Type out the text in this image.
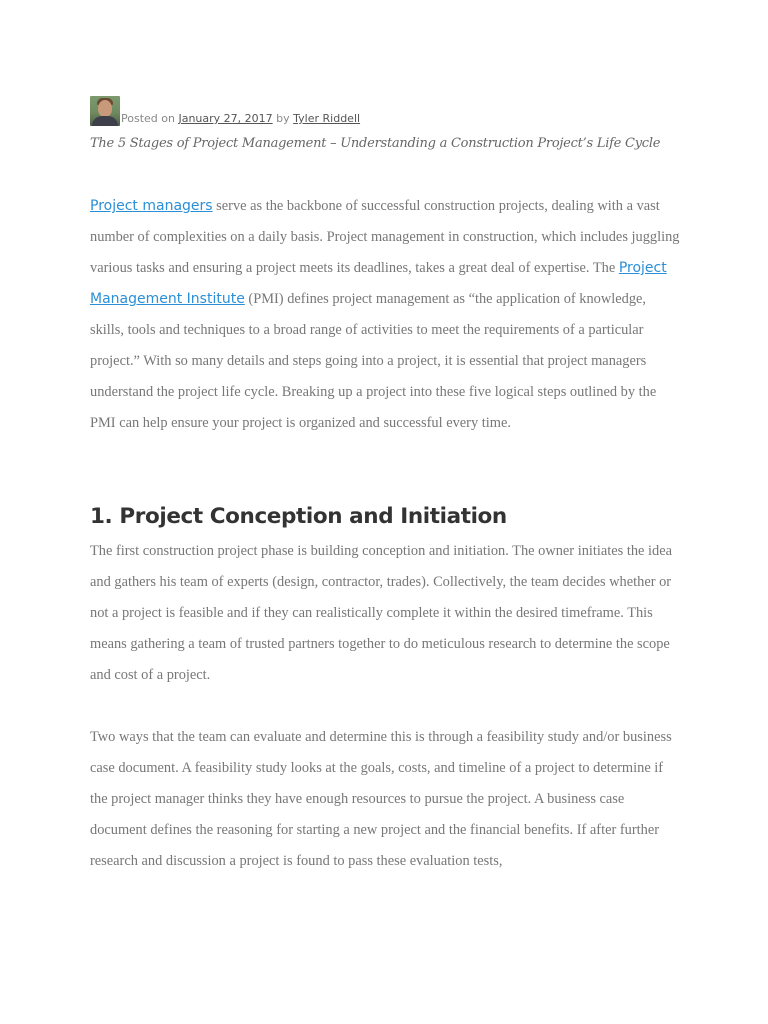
Posted on January 27, 2017 by Tyler Riddell
The 5 Stages of Project Management – Understanding a Construction Project’s Life Cycle

Project managers serve as the backbone of successful construction projects, dealing with a vast number of complexities on a daily basis. Project management in construction, which includes juggling various tasks and ensuring a project meets its deadlines, takes a great deal of expertise. The Project Management Institute (PMI) defines project management as “the application of knowledge, skills, tools and techniques to a broad range of activities to meet the requirements of a particular project.” With so many details and steps going into a project, it is essential that project managers understand the project life cycle. Breaking up a project into these five logical steps outlined by the PMI can help ensure your project is organized and successful every time.

1. Project Conception and Initiation

The first construction project phase is building conception and initiation. The owner initiates the idea and gathers his team of experts (design, contractor, trades). Collectively, the team decides whether or not a project is feasible and if they can realistically complete it within the desired timeframe. This means gathering a team of trusted partners together to do meticulous research to determine the scope and cost of a project.

Two ways that the team can evaluate and determine this is through a feasibility study and/or business case document. A feasibility study looks at the goals, costs, and timeline of a project to determine if the project manager thinks they have enough resources to pursue the project. A business case document defines the reasoning for starting a new project and the financial benefits. If after further research and discussion a project is found to pass these evaluation tests,
